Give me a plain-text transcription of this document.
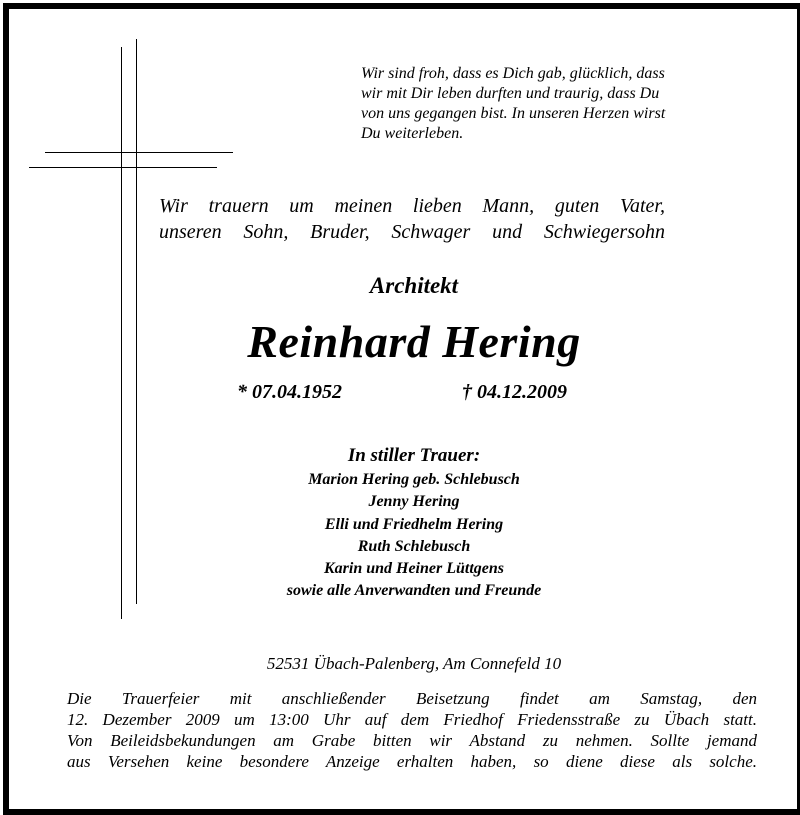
Wir sind froh, dass es Dich gab, glücklich, dass
wir mit Dir leben durften und traurig, dass Du
von uns gegangen bist. In unseren Herzen wirst
Du weiterleben.
Wir trauern um meinen lieben Mann, guten Vater,
unseren Sohn, Bruder, Schwager und Schwiegersohn
Architekt
Reinhard Hering
* 07.04.1952	† 04.12.2009
In stiller Trauer:
Marion Hering geb. Schlebusch
Jenny Hering
Elli und Friedhelm Hering
Ruth Schlebusch
Karin und Heiner Lüttgens
sowie alle Anverwandten und Freunde
52531 Übach-Palenberg, Am Connefeld 10
Die Trauerfeier mit anschließender Beisetzung findet am Samstag, den
12. Dezember 2009 um 13:00 Uhr auf dem Friedhof Friedensstraße zu Übach statt.
Von Beileidsbekundungen am Grabe bitten wir Abstand zu nehmen. Sollte jemand
aus Versehen keine besondere Anzeige erhalten haben, so diene diese als solche.
